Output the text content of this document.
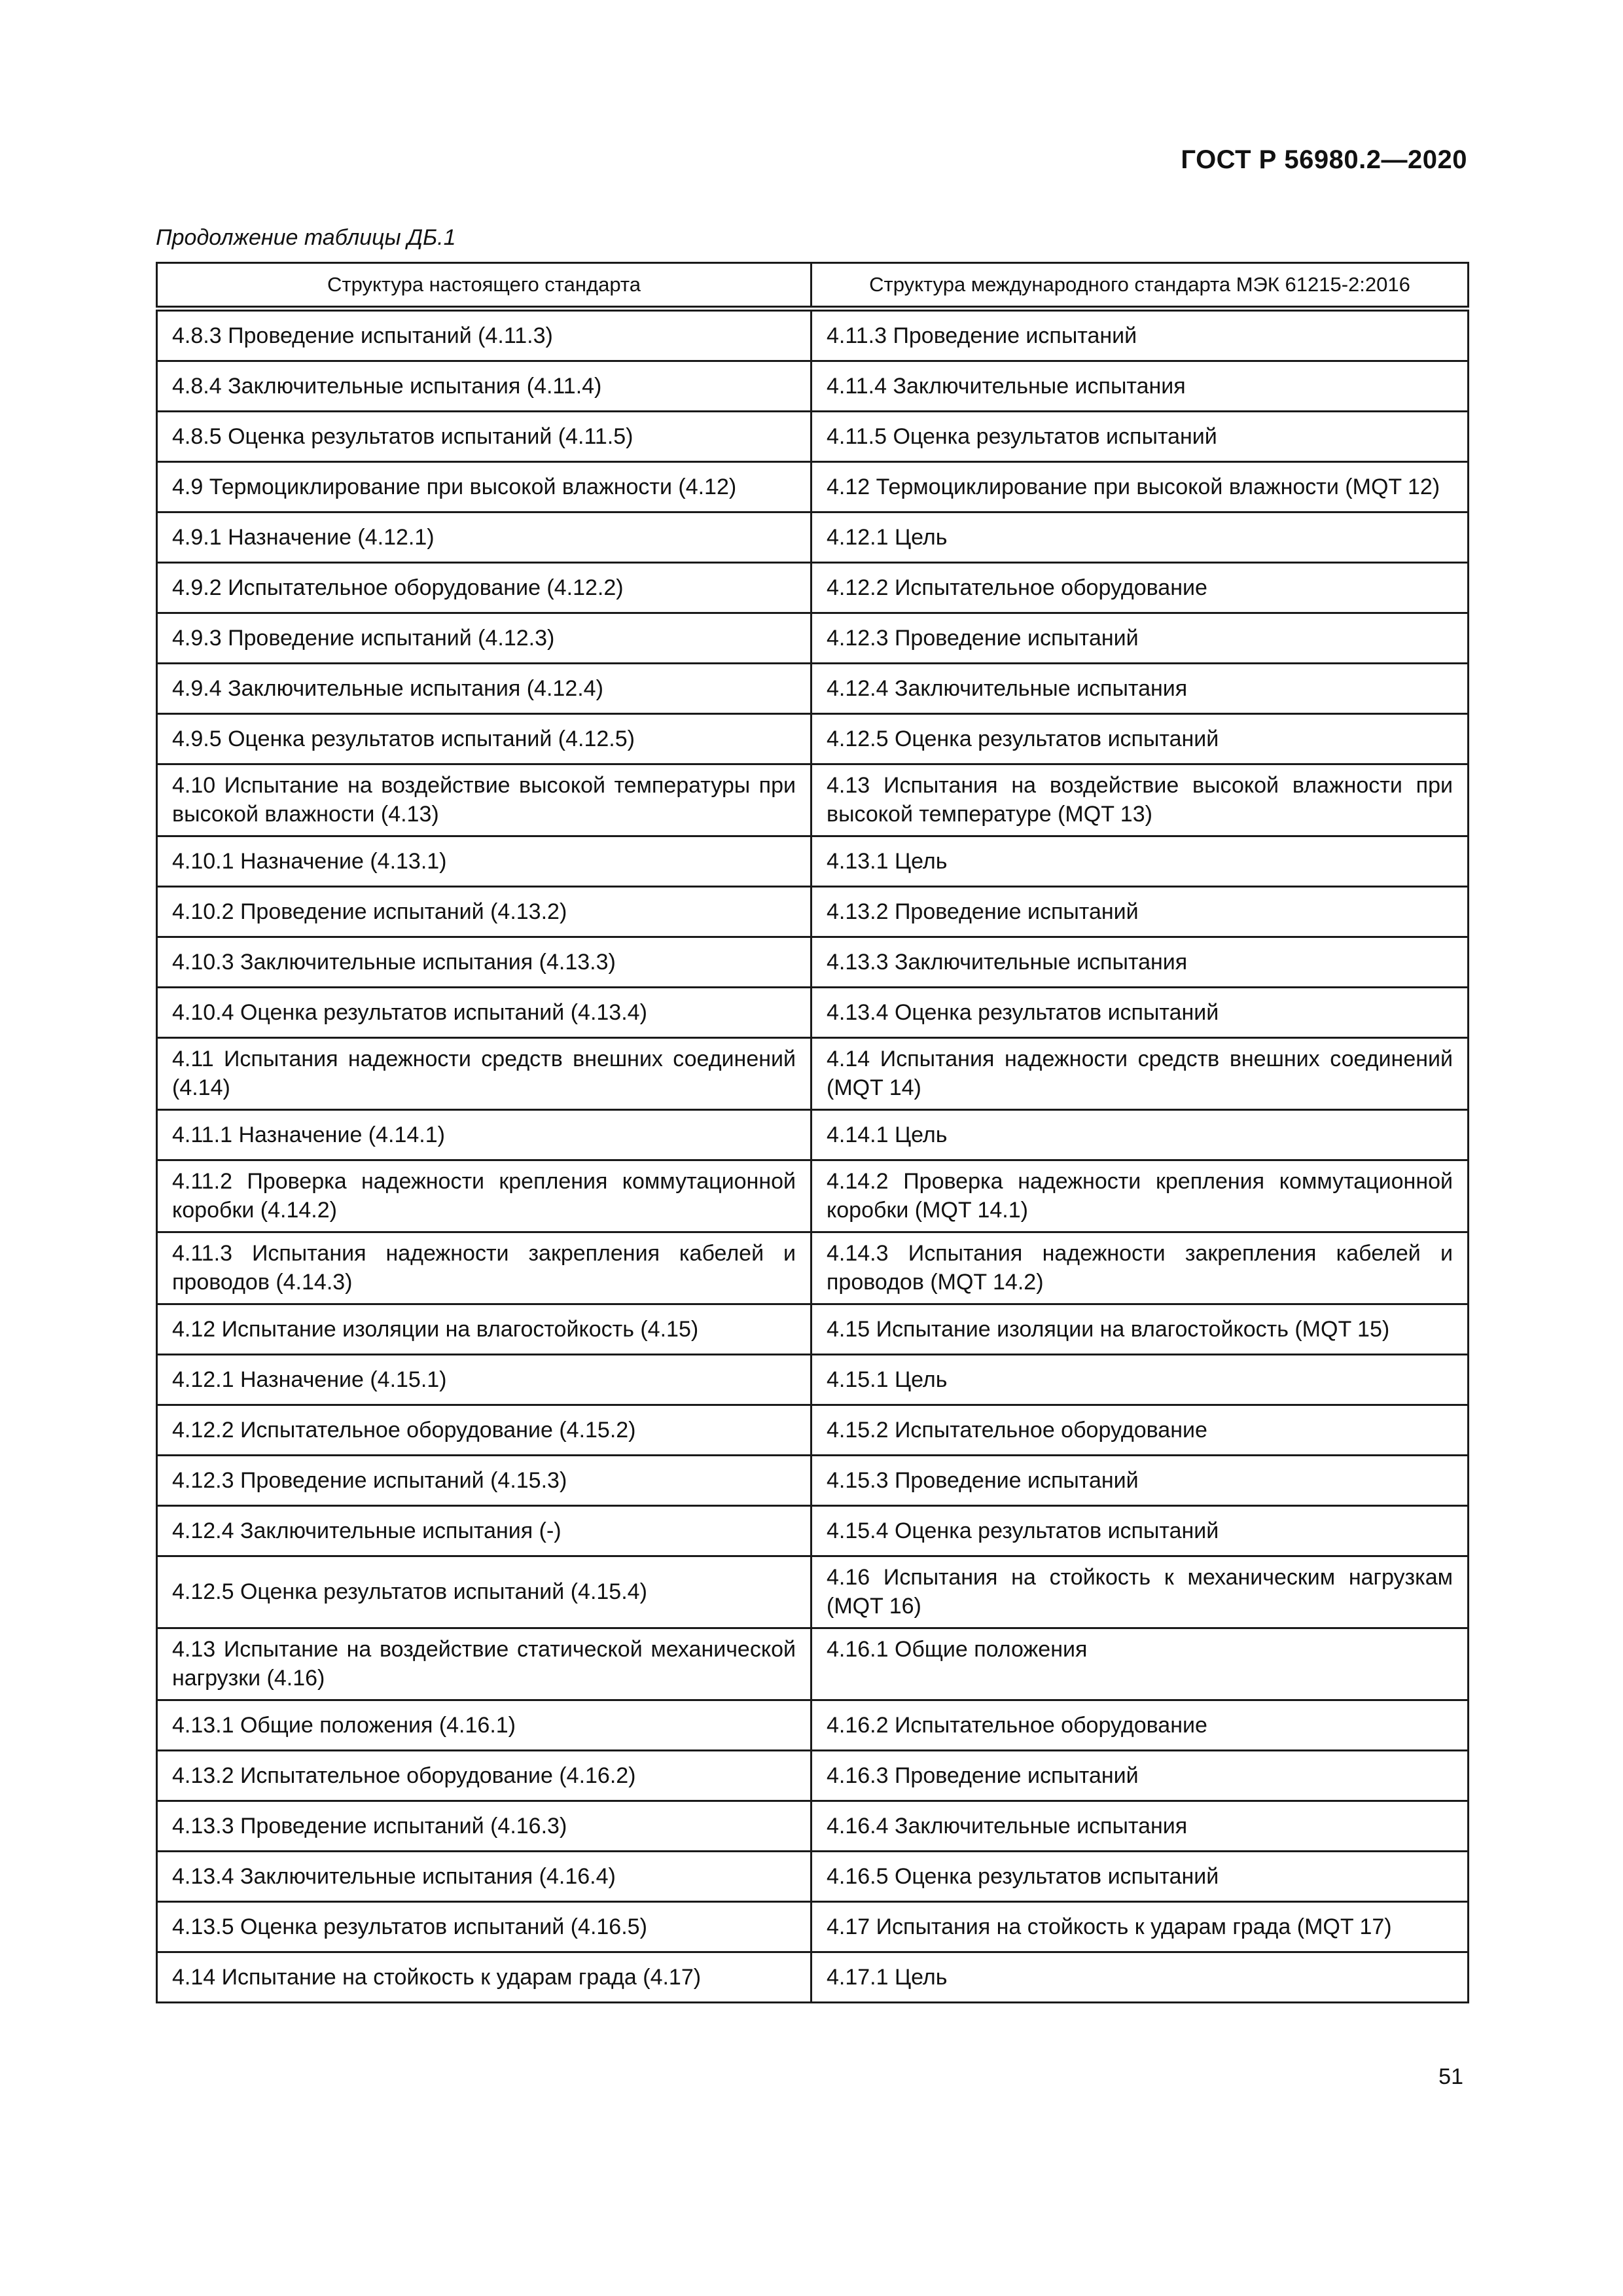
ГОСТ Р 56980.2—2020
Продолжение таблицы ДБ.1
Структура настоящего стандарта	Структура международного стандарта МЭК 61215-2:2016
4.8.3 Проведение испытаний (4.11.3)	4.11.3 Проведение испытаний
4.8.4 Заключительные испытания (4.11.4)	4.11.4 Заключительные испытания
4.8.5 Оценка результатов испытаний (4.11.5)	4.11.5 Оценка результатов испытаний
4.9 Термоциклирование при высокой влажности (4.12)	4.12 Термоциклирование при высокой влажности (MQT 12)
4.9.1 Назначение (4.12.1)	4.12.1 Цель
4.9.2 Испытательное оборудование (4.12.2)	4.12.2 Испытательное оборудование
4.9.3 Проведение испытаний (4.12.3)	4.12.3 Проведение испытаний
4.9.4 Заключительные испытания (4.12.4)	4.12.4 Заключительные испытания
4.9.5 Оценка результатов испытаний (4.12.5)	4.12.5 Оценка результатов испытаний
4.10 Испытание на воздействие высокой температуры при высокой влажности (4.13)	4.13 Испытания на воздействие высокой влажности при высокой температуре (MQT 13)
4.10.1 Назначение (4.13.1)	4.13.1 Цель
4.10.2 Проведение испытаний (4.13.2)	4.13.2 Проведение испытаний
4.10.3 Заключительные испытания (4.13.3)	4.13.3 Заключительные испытания
4.10.4 Оценка результатов испытаний (4.13.4)	4.13.4 Оценка результатов испытаний
4.11 Испытания надежности средств внешних соединений (4.14)	4.14 Испытания надежности средств внешних соединений (MQT 14)
4.11.1 Назначение (4.14.1)	4.14.1 Цель
4.11.2 Проверка надежности крепления коммутационной коробки (4.14.2)	4.14.2 Проверка надежности крепления коммутационной коробки (MQT 14.1)
4.11.3 Испытания надежности закрепления кабелей и проводов (4.14.3)	4.14.3 Испытания надежности закрепления кабелей и проводов (MQT 14.2)
4.12 Испытание изоляции на влагостойкость (4.15)	4.15 Испытание изоляции на влагостойкость (MQT 15)
4.12.1 Назначение (4.15.1)	4.15.1 Цель
4.12.2 Испытательное оборудование (4.15.2)	4.15.2 Испытательное оборудование
4.12.3 Проведение испытаний (4.15.3)	4.15.3 Проведение испытаний
4.12.4 Заключительные испытания (-)	4.15.4 Оценка результатов испытаний
4.12.5 Оценка результатов испытаний (4.15.4)	4.16 Испытания на стойкость к механическим нагрузкам (MQT 16)
4.13 Испытание на воздействие статической механической нагрузки (4.16)	4.16.1 Общие положения
4.13.1 Общие положения (4.16.1)	4.16.2 Испытательное оборудование
4.13.2 Испытательное оборудование (4.16.2)	4.16.3 Проведение испытаний
4.13.3 Проведение испытаний (4.16.3)	4.16.4 Заключительные испытания
4.13.4 Заключительные испытания (4.16.4)	4.16.5 Оценка результатов испытаний
4.13.5 Оценка результатов испытаний (4.16.5)	4.17 Испытания на стойкость к ударам града (MQT 17)
4.14 Испытание на стойкость к ударам града (4.17)	4.17.1 Цель
51
